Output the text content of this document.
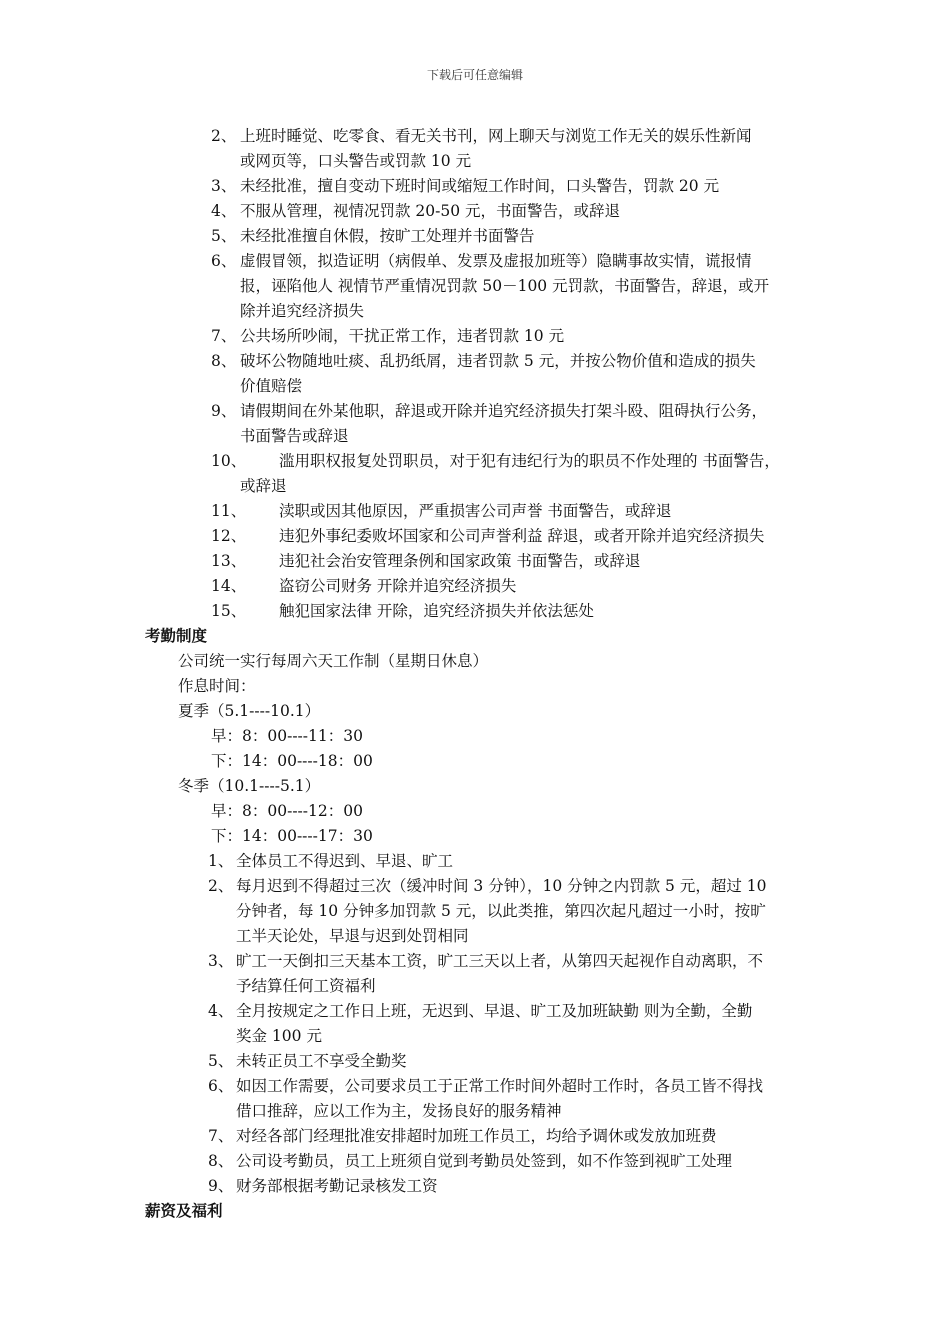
下载后可任意编辑
2、 上班时睡觉、吃零食、看无关书刊，网上聊天与浏览工作无关的娱乐性新闻
或网页等，口头警告或罚款 10 元
3、 未经批准，擅自变动下班时间或缩短工作时间，口头警告，罚款 20 元
4、 不服从管理，视情况罚款 20-50 元，书面警告，或辞退
5、 未经批准擅自休假，按旷工处理并书面警告
6、 虚假冒领，拟造证明（病假单、发票及虚报加班等）隐瞒事故实情，谎报情
报，诬陷他人 视情节严重情况罚款 50－100 元罚款，书面警告，辞退，或开
除并追究经济损失
7、 公共场所吵闹，干扰正常工作，违者罚款 10 元
8、 破坏公物随地吐痰、乱扔纸屑，违者罚款 5 元，并按公物价值和造成的损失
价值赔偿
9、 请假期间在外某他职，辞退或开除并追究经济损失打架斗殴、阻碍执行公务，
书面警告或辞退
10、 滥用职权报复处罚职员，对于犯有违纪行为的职员不作处理的 书面警告，
或辞退
11、 渎职或因其他原因，严重损害公司声誉 书面警告，或辞退
12、 违犯外事纪委败坏国家和公司声誉利益 辞退，或者开除并追究经济损失
13、 违犯社会治安管理条例和国家政策 书面警告，或辞退
14、 盗窃公司财务 开除并追究经济损失
15、 触犯国家法律 开除，追究经济损失并依法惩处
考勤制度
公司统一实行每周六天工作制（星期日休息）
作息时间：
夏季（5.1----10.1）
早：8：00----11：30
下：14：00----18：00
冬季（10.1----5.1）
早：8：00----12：00
下：14：00----17：30
1、 全体员工不得迟到、早退、旷工
2、 每月迟到不得超过三次（缓冲时间 3 分钟），10 分钟之内罚款 5 元，超过 10
分钟者，每 10 分钟多加罚款 5 元，以此类推，第四次起凡超过一小时，按旷
工半天论处，早退与迟到处罚相同
3、 旷工一天倒扣三天基本工资，旷工三天以上者，从第四天起视作自动离职，不
予结算任何工资福利
4、 全月按规定之工作日上班，无迟到、早退、旷工及加班缺勤 则为全勤，全勤
奖金 100 元
5、 未转正员工不享受全勤奖
6、 如因工作需要，公司要求员工于正常工作时间外超时工作时，各员工皆不得找
借口推辞，应以工作为主，发扬良好的服务精神
7、 对经各部门经理批准安排超时加班工作员工，均给予调休或发放加班费
8、 公司设考勤员，员工上班须自觉到考勤员处签到，如不作签到视旷工处理
9、 财务部根据考勤记录核发工资
薪资及福利
